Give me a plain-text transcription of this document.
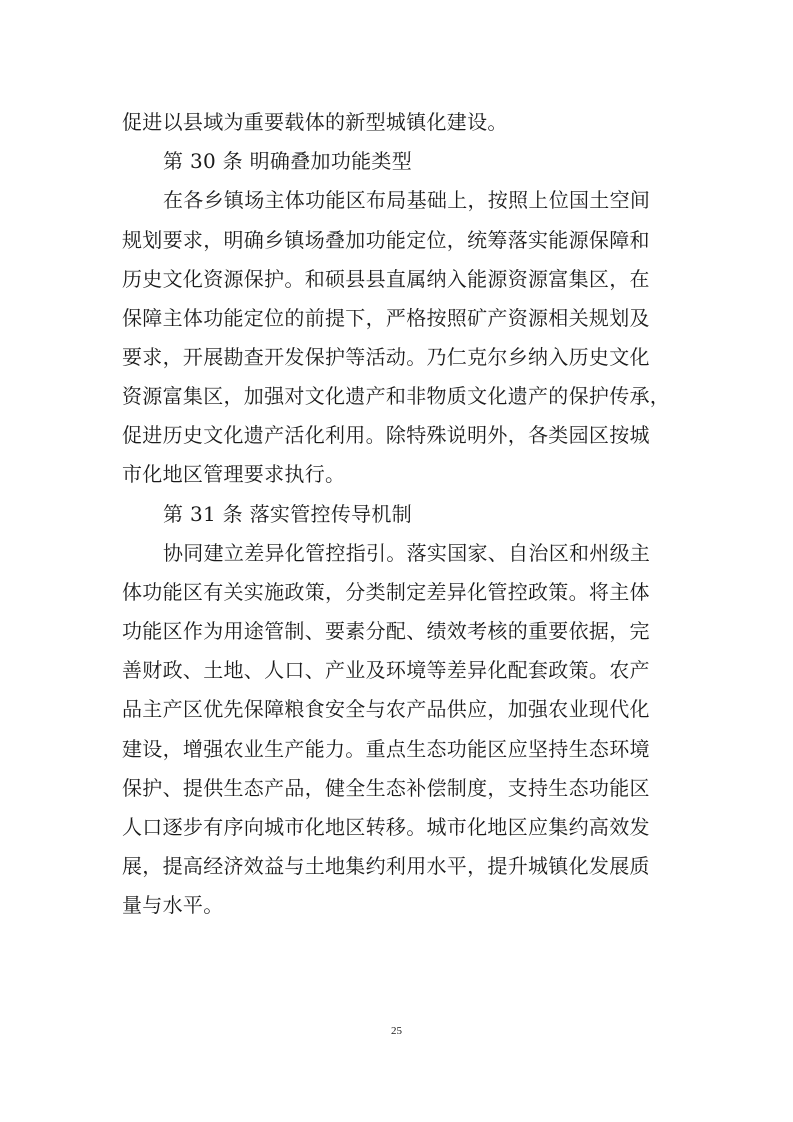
促进以县域为重要载体的新型城镇化建设。
第 30 条 明确叠加功能类型
在各乡镇场主体功能区布局基础上，按照上位国土空间
规划要求，明确乡镇场叠加功能定位，统筹落实能源保障和
历史文化资源保护。和硕县县直属纳入能源资源富集区，在
保障主体功能定位的前提下，严格按照矿产资源相关规划及
要求，开展勘查开发保护等活动。乃仁克尔乡纳入历史文化
资源富集区，加强对文化遗产和非物质文化遗产的保护传承，
促进历史文化遗产活化利用。除特殊说明外，各类园区按城
市化地区管理要求执行。
第 31 条 落实管控传导机制
协同建立差异化管控指引。落实国家、自治区和州级主
体功能区有关实施政策，分类制定差异化管控政策。将主体
功能区作为用途管制、要素分配、绩效考核的重要依据，完
善财政、土地、人口、产业及环境等差异化配套政策。农产
品主产区优先保障粮食安全与农产品供应，加强农业现代化
建设，增强农业生产能力。重点生态功能区应坚持生态环境
保护、提供生态产品，健全生态补偿制度，支持生态功能区
人口逐步有序向城市化地区转移。城市化地区应集约高效发
展，提高经济效益与土地集约利用水平，提升城镇化发展质
量与水平。
25
